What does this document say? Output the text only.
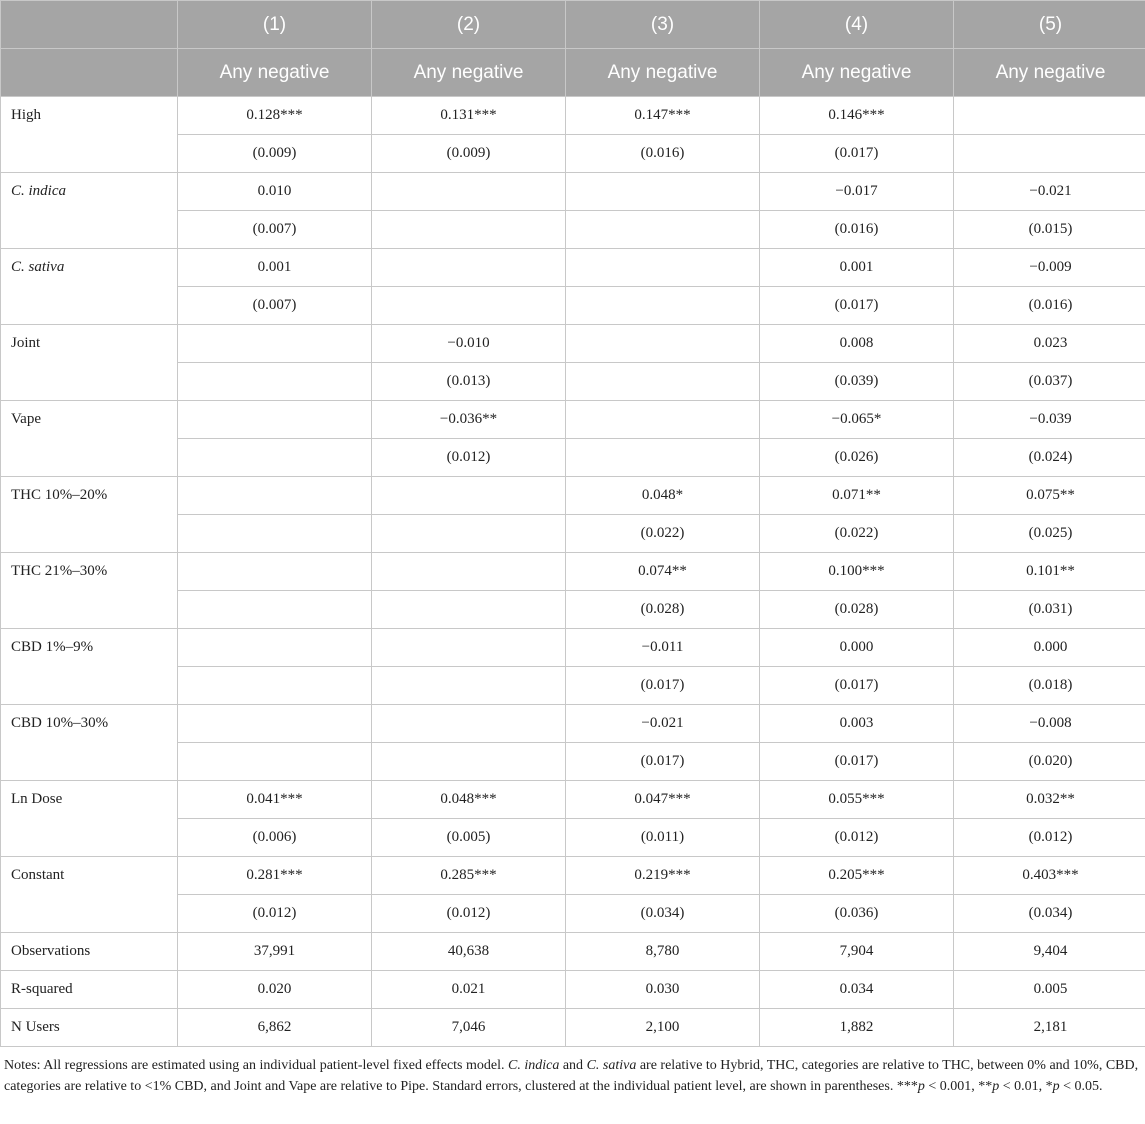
	(1)	(2)	(3)	(4)	(5)
	Any negative	Any negative	Any negative	Any negative	Any negative
High	0.128***	0.131***	0.147***	0.146***	
	(0.009)	(0.009)	(0.016)	(0.017)	
C. indica	0.010			−0.017	−0.021
	(0.007)			(0.016)	(0.015)
C. sativa	0.001			0.001	−0.009
	(0.007)			(0.017)	(0.016)
Joint		−0.010		0.008	0.023
		(0.013)		(0.039)	(0.037)
Vape		−0.036**		−0.065*	−0.039
		(0.012)		(0.026)	(0.024)
THC 10%–20%			0.048*	0.071**	0.075**
			(0.022)	(0.022)	(0.025)
THC 21%–30%			0.074**	0.100***	0.101**
			(0.028)	(0.028)	(0.031)
CBD 1%–9%			−0.011	0.000	0.000
			(0.017)	(0.017)	(0.018)
CBD 10%–30%			−0.021	0.003	−0.008
			(0.017)	(0.017)	(0.020)
Ln Dose	0.041***	0.048***	0.047***	0.055***	0.032**
	(0.006)	(0.005)	(0.011)	(0.012)	(0.012)
Constant	0.281***	0.285***	0.219***	0.205***	0.403***
	(0.012)	(0.012)	(0.034)	(0.036)	(0.034)
Observations	37,991	40,638	8,780	7,904	9,404
R-squared	0.020	0.021	0.030	0.034	0.005
N Users	6,862	7,046	2,100	1,882	2,181
Notes: All regressions are estimated using an individual patient-level fixed effects model. C. indica and C. sativa are relative to Hybrid, THC, categories are relative to THC, between 0% and 10%, CBD, categories are relative to <1% CBD, and Joint and Vape are relative to Pipe. Standard errors, clustered at the individual patient level, are shown in parentheses. ***p < 0.001, **p < 0.01, *p < 0.05.
